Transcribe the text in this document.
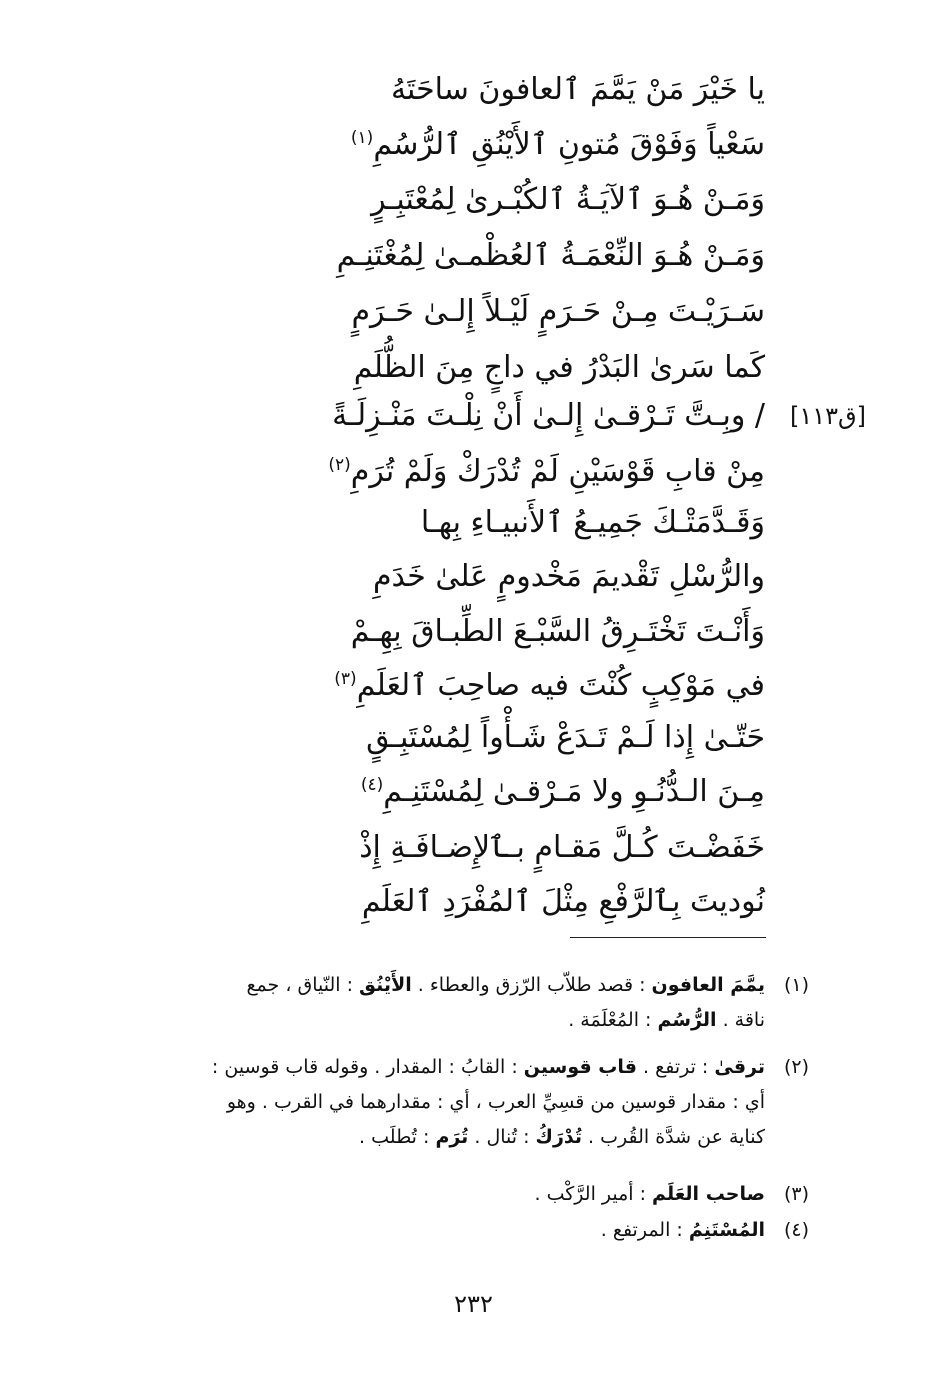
يا خَيْرَ مَنْ يَمَّمَ ٱلعافونَ ساحَتَهُ
سَعْياً وَفَوْقَ مُتونِ ٱلأَيْنُقِ ٱلرُّسُمِ$^{(١)}$
وَمَـنْ هُـوَ ٱلآيَـةُ ٱلكُبْـرىٰ لِمُعْتَبِـرٍ
وَمَـنْ هُـوَ النِّعْمَـةُ ٱلعُظْمـىٰ لِمُغْتَنِـمِ
سَـرَيْـتَ مِـنْ حَـرَمٍ لَيْـلاً إِلـىٰ حَـرَمٍ
كَما سَرىٰ البَدْرُ في داجٍ مِنَ الظُّلَمِ
/ وبِـتَّ تَـرْقـىٰ إِلـىٰ أَنْ نِلْـتَ مَنْـزِلَـةً
مِنْ قابِ قَوْسَيْنِ لَمْ تُدْرَكْ وَلَمْ تُرَمِ$^{(٢)}$
وَقَـدَّمَتْـكَ جَمِيـعُ ٱلأَنبيـاءِ بِهـا
والرُّسْلِ تَقْديمَ مَخْدومٍ عَلىٰ خَدَمِ
وَأَنْـتَ تَخْتَـرِقُ السَّبْـعَ الطِّبـاقَ بِهِـمْ
في مَوْكِبٍ كُنْتَ فيه صاحِبَ ٱلعَلَمِ$^{(٣)}$
حَتّـىٰ إِذا لَـمْ تَـدَعْ شَـأْواً لِمُسْتَبِـقٍ
مِـنَ الـدُّنُـوِ ولا مَـرْقـىٰ لِمُسْتَنِـمِ$^{(٤)}$
خَفَضْـتَ كُـلَّ مَقـامٍ بـٱلإِضـافَـةِ إِذْ
نُوديتَ بِٱلرَّفْعِ مِثْلَ ٱلمُفْرَدِ ٱلعَلَمِ
[ق١١٣]
(١)
يمَّمَ العافون : قصد طلاّب الرّزق والعطاء . الأَيْنُق : النّياق ، جمع
ناقة . الرُّسُم : المُعْلَمَة .
(٢)
ترقىٰ : ترتفع . قاب قوسين : القابُ : المقدار . وقوله قاب قوسين :
أي : مقدار قوسين من قسِيِّ العرب ، أي : مقدارهما في القرب . وهو
كناية عن شدَّة القُرب . تُدْرَكُ : تُنال . تُرَم : تُطلَب .
(٣)
صاحب العَلَم : أمير الرَّكْب .
(٤)
المُسْتَنِمُ : المرتفع .
٢٣٢
